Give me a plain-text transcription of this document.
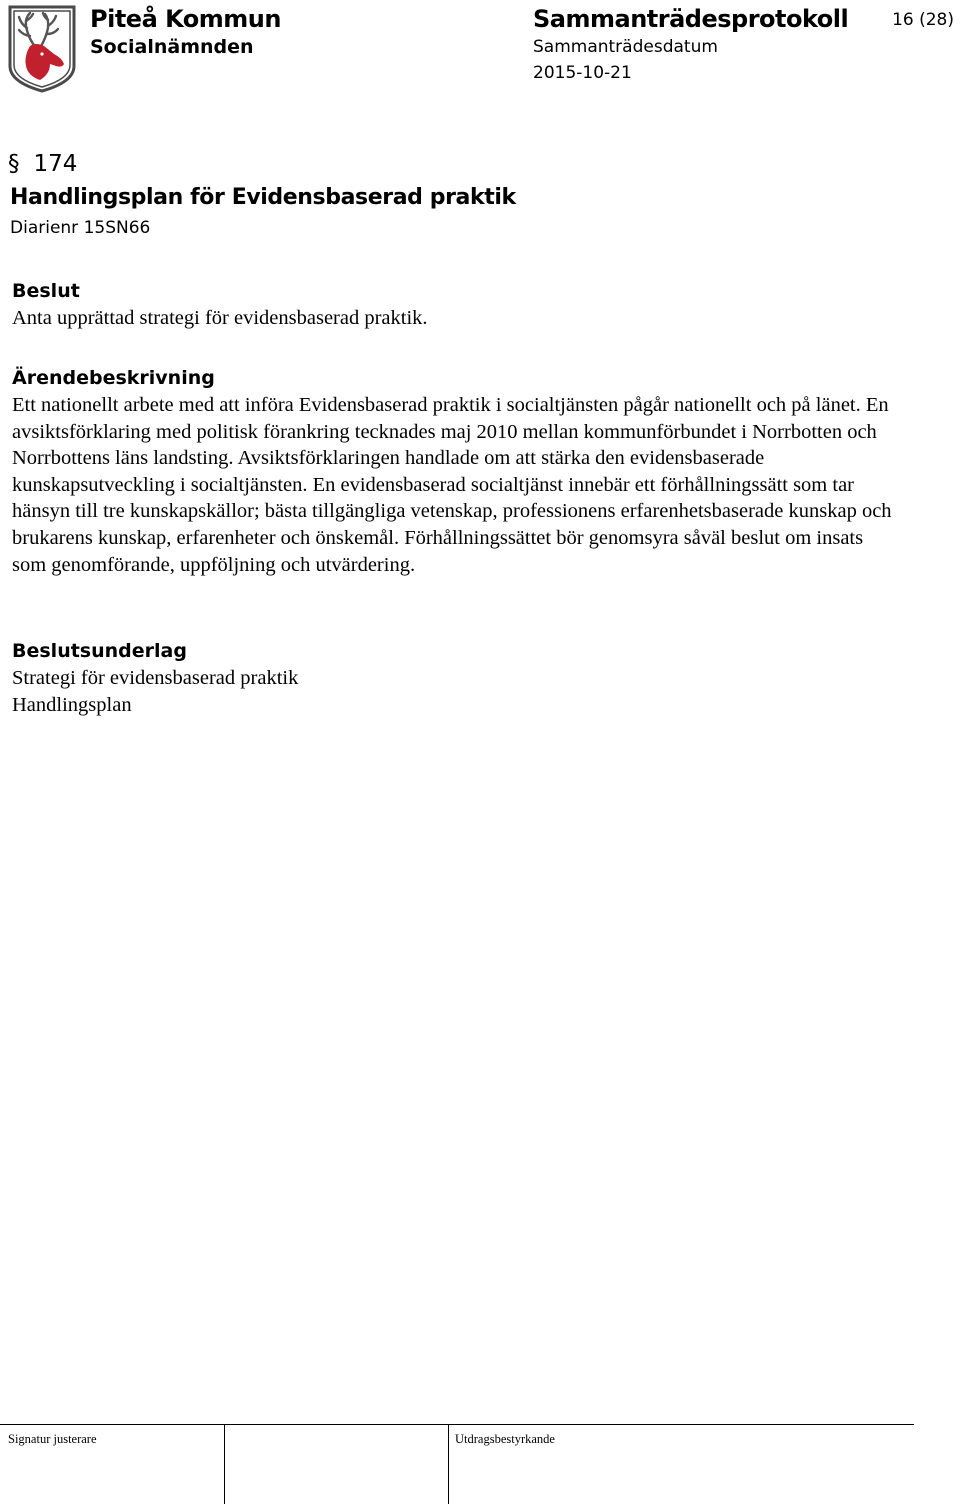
Piteå Kommun
Socialnämnden
Sammanträdesprotokoll
Sammanträdesdatum
2015-10-21
16 (28)
§ 174
Handlingsplan för Evidensbaserad praktik
Diarienr 15SN66
Beslut

Anta upprättad strategi för evidensbaserad praktik.

Ärendebeskrivning

Ett nationellt arbete med att införa Evidensbaserad praktik i socialtjänsten pågår nationellt och på länet. En avsiktsförklaring med politisk förankring tecknades maj 2010 mellan kommunförbundet i Norrbotten och Norrbottens läns landsting. Avsiktsförklaringen handlade om att stärka den evidensbaserade kunskapsutveckling i socialtjänsten. En evidensbaserad socialtjänst innebär ett förhållningssätt som tar hänsyn till tre kunskapskällor; bästa tillgängliga vetenskap, professionens erfarenhetsbaserade kunskap och brukarens kunskap, erfarenheter och önskemål. Förhållningssättet bör genomsyra såväl beslut om insats som genomförande, uppföljning och utvärdering.

Beslutsunderlag
Strategi för evidensbaserad praktik
Handlingsplan
Signatur justerare	Utdragsbestyrkande
